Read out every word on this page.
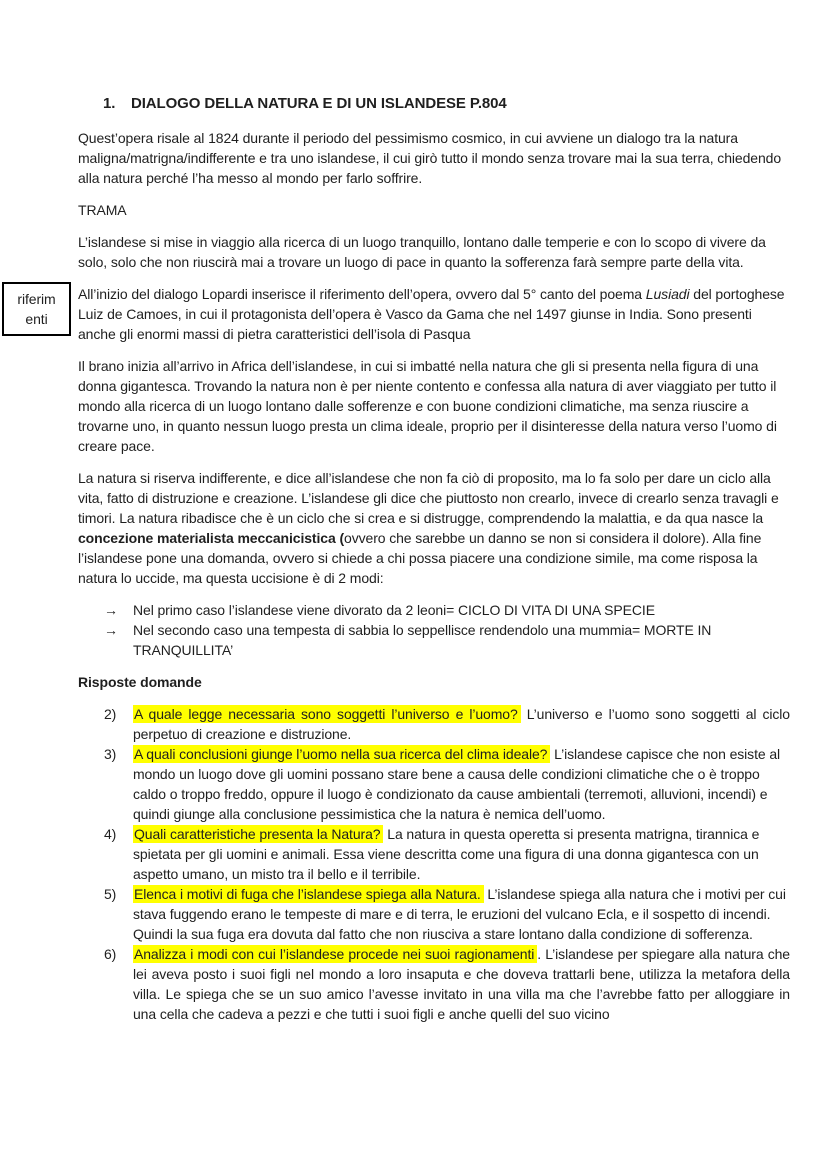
1. DIALOGO DELLA NATURA E DI UN ISLANDESE P.804

Quest’opera risale al 1824 durante il periodo del pessimismo cosmico, in cui avviene un dialogo tra la natura maligna/matrigna/indifferente e tra uno islandese, il cui girò tutto il mondo senza trovare mai la sua terra, chiedendo alla natura perché l’ha messo al mondo per farlo soffrire.

TRAMA

L’islandese si mise in viaggio alla ricerca di un luogo tranquillo, lontano dalle temperie e con lo scopo di vivere da solo, solo che non riuscirà mai a trovare un luogo di pace in quanto la sofferenza farà sempre parte della vita.

riferim
enti
All’inizio del dialogo Lopardi inserisce il riferimento dell’opera, ovvero dal 5° canto del poema Lusiadi del portoghese Luiz de Camoes, in cui il protagonista dell’opera è Vasco da Gama che nel 1497 giunse in India. Sono presenti anche gli enormi massi di pietra caratteristici dell’isola di Pasqua

Il brano inizia all’arrivo in Africa dell’islandese, in cui si imbatté nella natura che gli si presenta nella figura di una donna gigantesca. Trovando la natura non è per niente contento e confessa alla natura di aver viaggiato per tutto il mondo alla ricerca di un luogo lontano dalle sofferenze e con buone condizioni climatiche, ma senza riuscire a trovarne uno, in quanto nessun luogo presta un clima ideale, proprio per il disinteresse della natura verso l’uomo di creare pace.

La natura si riserva indifferente, e dice all’islandese che non fa ciò di proposito, ma lo fa solo per dare un ciclo alla vita, fatto di distruzione e creazione. L’islandese gli dice che piuttosto non crearlo, invece di crearlo senza travagli e timori. La natura ribadisce che è un ciclo che si crea e si distrugge, comprendendo la malattia, e da qua nasce la concezione materialista meccanicistica (ovvero che sarebbe un danno se non si considera il dolore). Alla fine l’islandese pone una domanda, ovvero si chiede a chi possa piacere una condizione simile, ma come risposa la natura lo uccide, ma questa uccisione è di 2 modi:

→	Nel primo caso l’islandese viene divorato da 2 leoni= CICLO DI VITA DI UNA SPECIE
→	Nel secondo caso una tempesta di sabbia lo seppellisce rendendolo una mummia= MORTE IN TRANQUILLITA’

Risposte domande

2)	A quale legge necessaria sono soggetti l’universo e l’uomo? L’universo e l’uomo sono soggetti al ciclo perpetuo di creazione e distruzione.
3)	A quali conclusioni giunge l’uomo nella sua ricerca del clima ideale? L’islandese capisce che non esiste al mondo un luogo dove gli uomini possano stare bene a causa delle condizioni climatiche che o è troppo caldo o troppo freddo, oppure il luogo è condizionato da cause ambientali (terremoti, alluvioni, incendi) e quindi giunge alla conclusione pessimistica che la natura è nemica dell’uomo.
4)	Quali caratteristiche presenta la Natura? La natura in questa operetta si presenta matrigna, tirannica e spietata per gli uomini e animali. Essa viene descritta come una figura di una donna gigantesca con un aspetto umano, un misto tra il bello e il terribile.
5)	Elenca i motivi di fuga che l’islandese spiega alla Natura. L’islandese spiega alla natura che i motivi per cui stava fuggendo erano le tempeste di mare e di terra, le eruzioni del vulcano Ecla, e il sospetto di incendi. Quindi la sua fuga era dovuta dal fatto che non riusciva a stare lontano dalla condizione di sofferenza.
6)	Analizza i modi con cui l’islandese procede nei suoi ragionamenti . L’islandese per spiegare alla natura che lei aveva posto i suoi figli nel mondo a loro insaputa e che doveva trattarli bene, utilizza la metafora della villa. Le spiega che se un suo amico l’avesse invitato in una villa ma che l’avrebbe fatto per alloggiare in una cella che cadeva a pezzi e che tutti i suoi figli e anche quelli del suo vicino
